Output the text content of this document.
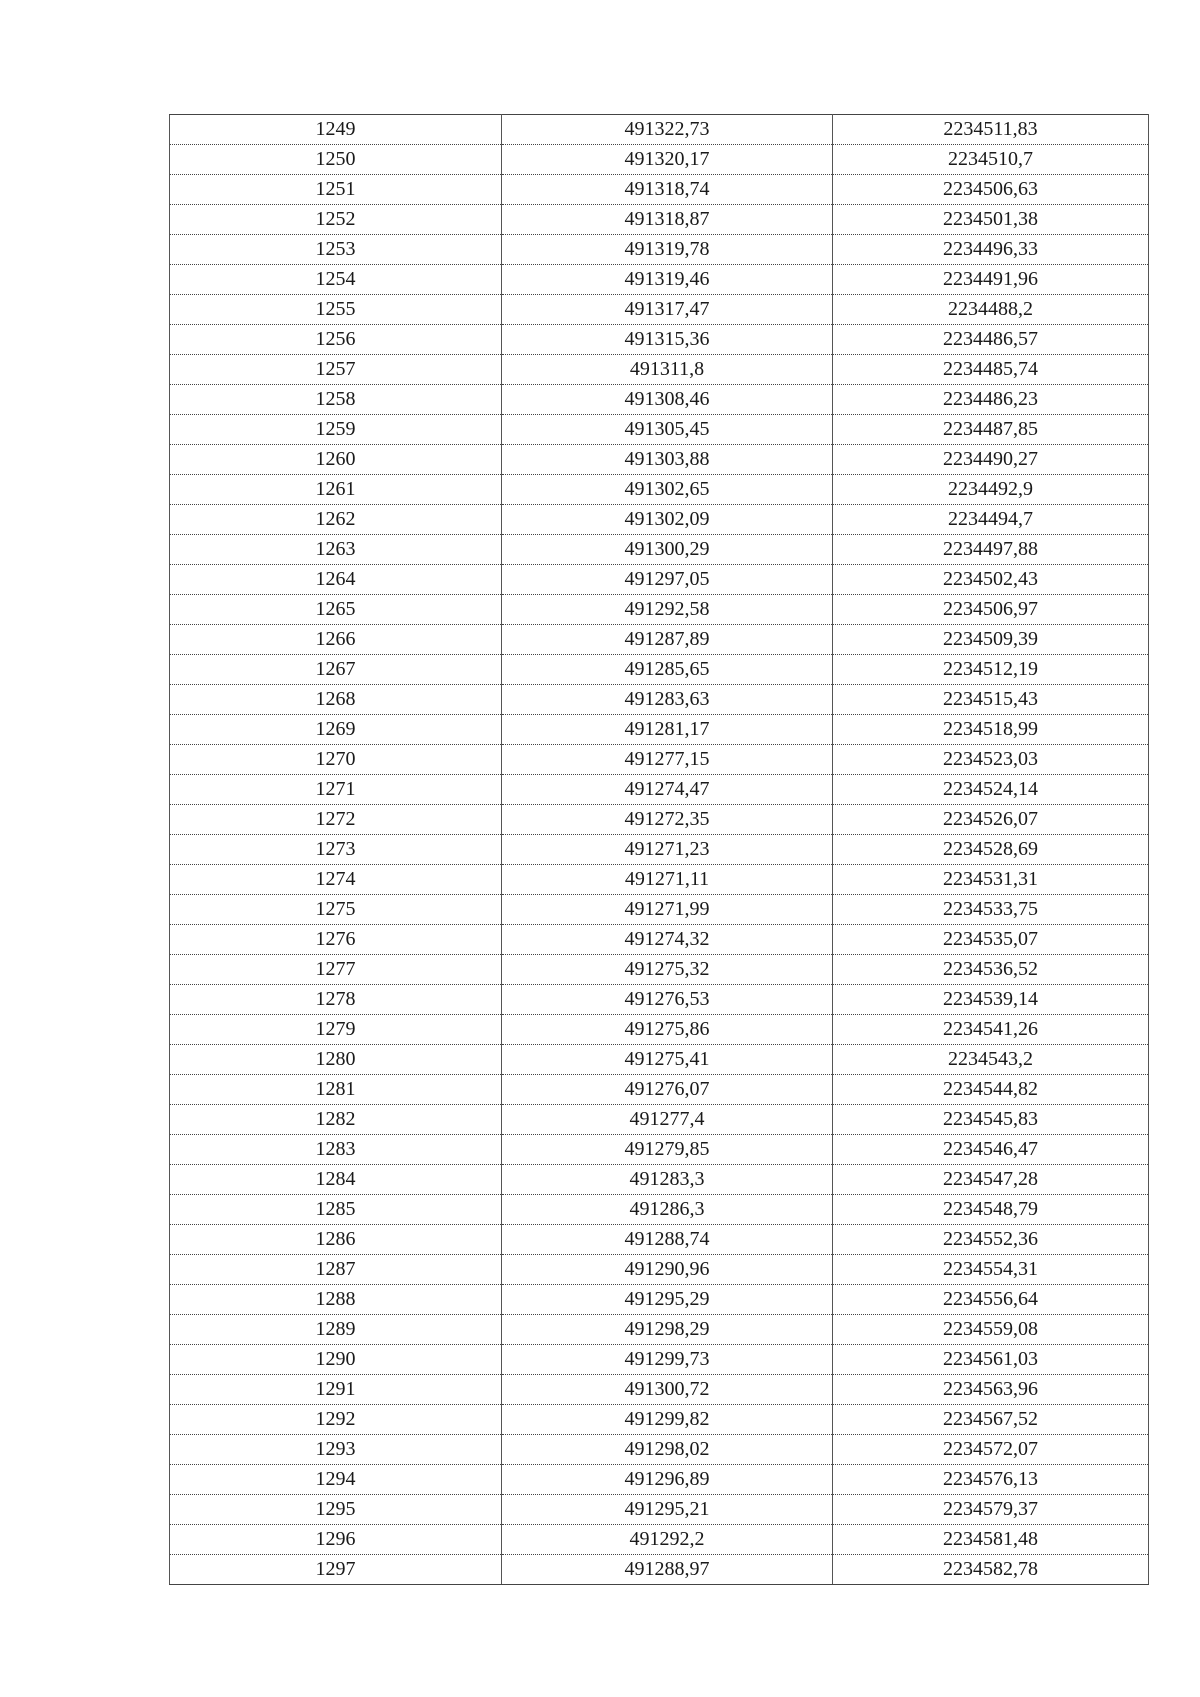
1249	491322,73	2234511,83
1250	491320,17	2234510,7
1251	491318,74	2234506,63
1252	491318,87	2234501,38
1253	491319,78	2234496,33
1254	491319,46	2234491,96
1255	491317,47	2234488,2
1256	491315,36	2234486,57
1257	491311,8	2234485,74
1258	491308,46	2234486,23
1259	491305,45	2234487,85
1260	491303,88	2234490,27
1261	491302,65	2234492,9
1262	491302,09	2234494,7
1263	491300,29	2234497,88
1264	491297,05	2234502,43
1265	491292,58	2234506,97
1266	491287,89	2234509,39
1267	491285,65	2234512,19
1268	491283,63	2234515,43
1269	491281,17	2234518,99
1270	491277,15	2234523,03
1271	491274,47	2234524,14
1272	491272,35	2234526,07
1273	491271,23	2234528,69
1274	491271,11	2234531,31
1275	491271,99	2234533,75
1276	491274,32	2234535,07
1277	491275,32	2234536,52
1278	491276,53	2234539,14
1279	491275,86	2234541,26
1280	491275,41	2234543,2
1281	491276,07	2234544,82
1282	491277,4	2234545,83
1283	491279,85	2234546,47
1284	491283,3	2234547,28
1285	491286,3	2234548,79
1286	491288,74	2234552,36
1287	491290,96	2234554,31
1288	491295,29	2234556,64
1289	491298,29	2234559,08
1290	491299,73	2234561,03
1291	491300,72	2234563,96
1292	491299,82	2234567,52
1293	491298,02	2234572,07
1294	491296,89	2234576,13
1295	491295,21	2234579,37
1296	491292,2	2234581,48
1297	491288,97	2234582,78
